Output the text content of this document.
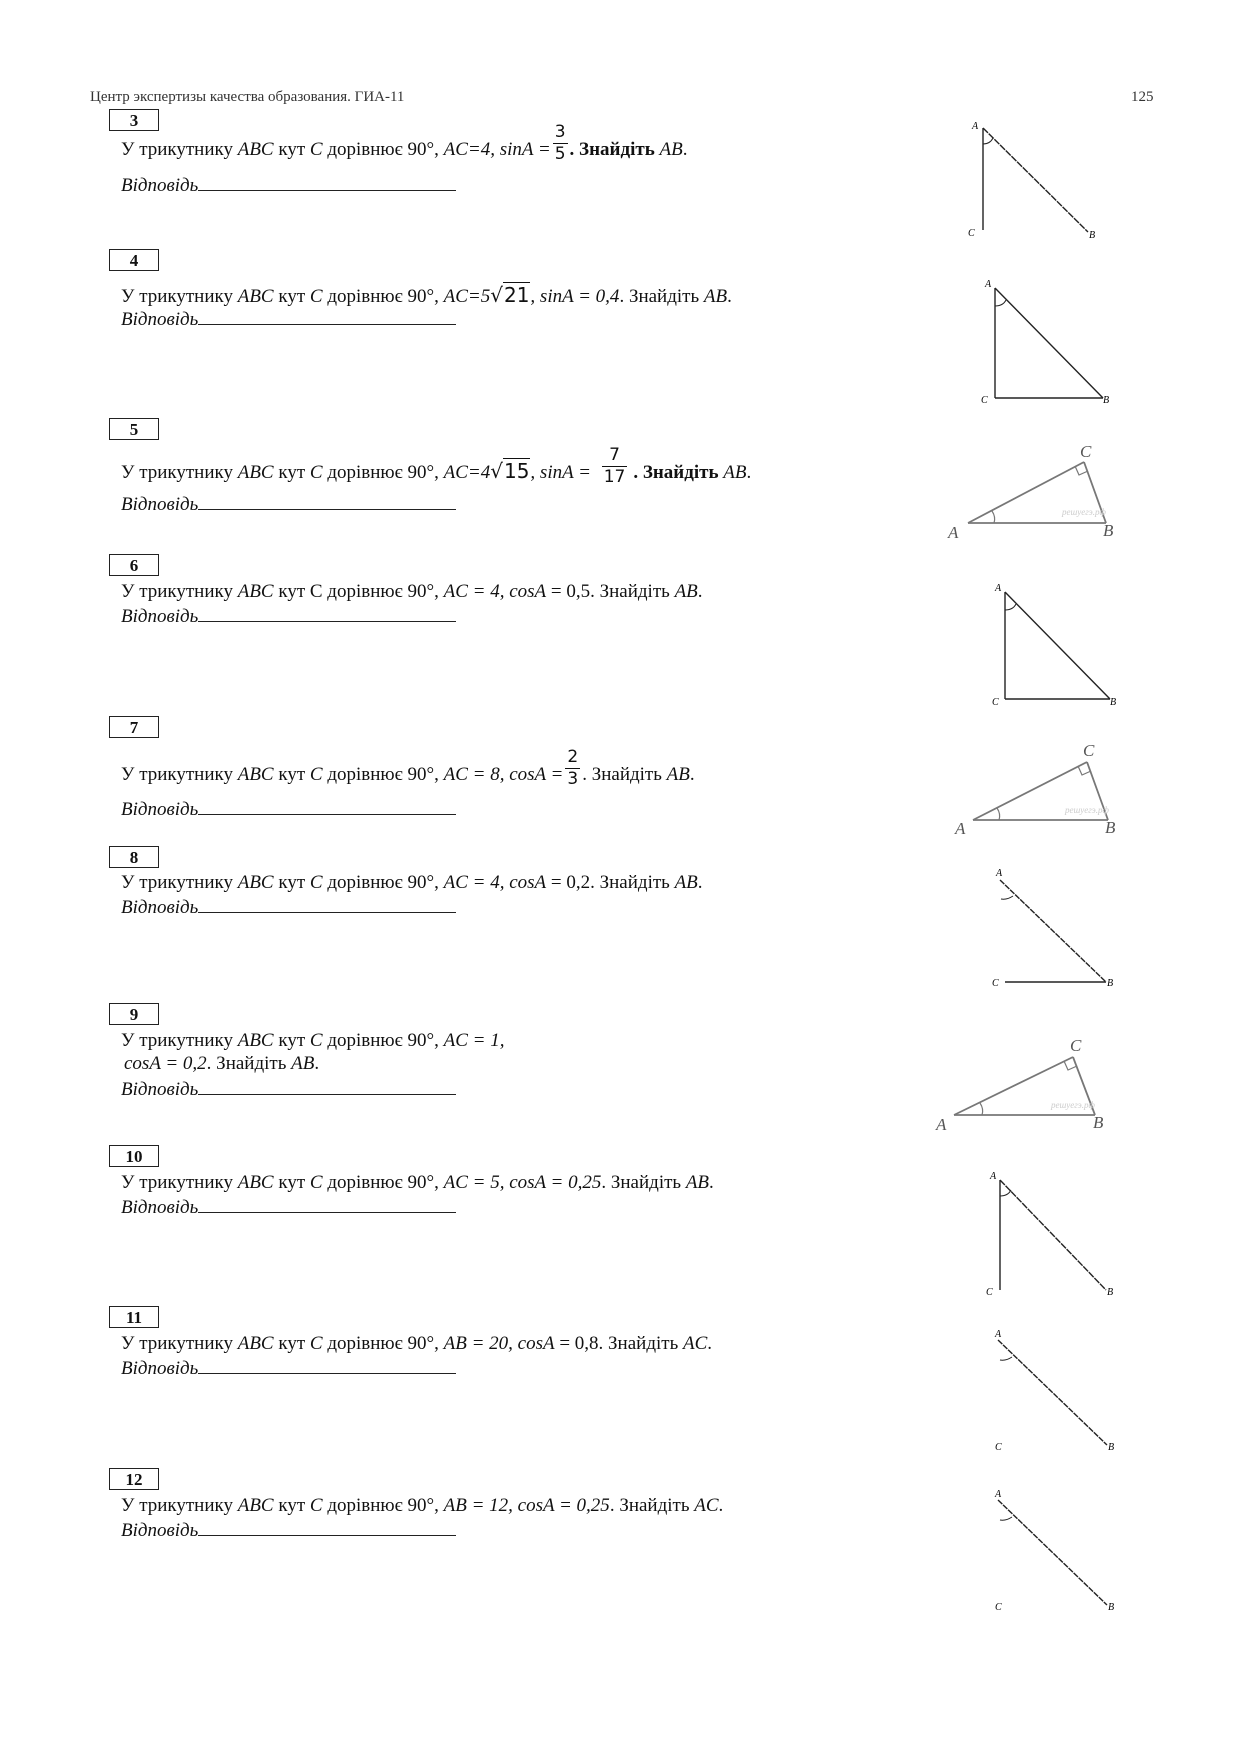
Центр экспертизы качества образования. ГИА-11	125
3
У трикутнику ABC кут C дорівнює 90°, AC=4, $\sin A = \frac{3}{5}$ . Знайдіть AB.
Відповідь
4
У трикутнику ABC кут C дорівнює 90°, AC=5√21, sinA = 0,4. Знайдіть AB.
Відповідь
5
У трикутнику ABC кут C дорівнює 90°, AC=4√15, $\sin A = \frac{7}{17}$ . Знайдіть AB.
Відповідь
6
У трикутнику ABC кут C дорівнює 90°, AC = 4, cosA = 0,5. Знайдіть AB.
Відповідь
7
У трикутнику ABC кут C дорівнює 90°, AC = 8, $\cos A = \frac{2}{3}$ . Знайдіть AB.
Відповідь
8
У трикутнику ABC кут C дорівнює 90°, AC = 4, cosA = 0,2. Знайдіть AB.
Відповідь
9
У трикутнику ABC кут C дорівнює 90°, AC = 1,
cosA = 0,2. Знайдіть AB.
Відповідь
10
У трикутнику ABC кут C дорівнює 90°, AC = 5, cosA = 0,25. Знайдіть AB.
Відповідь
11
У трикутнику ABC кут C дорівнює 90°, AB = 20, cosA = 0,8. Знайдіть AC.
Відповідь
12
У трикутнику ABC кут C дорівнює 90°, AB = 12, cosA = 0,25. Знайдіть AC.
Відповідь
A
C	B
A
C	B
решуегэ.рф
A
C
B
A
C	B
решуегэ.рф
A
C
B
A
C	B
решуегэ.рф
A
C
B
A
C	B
A
C	B
A
C	B
